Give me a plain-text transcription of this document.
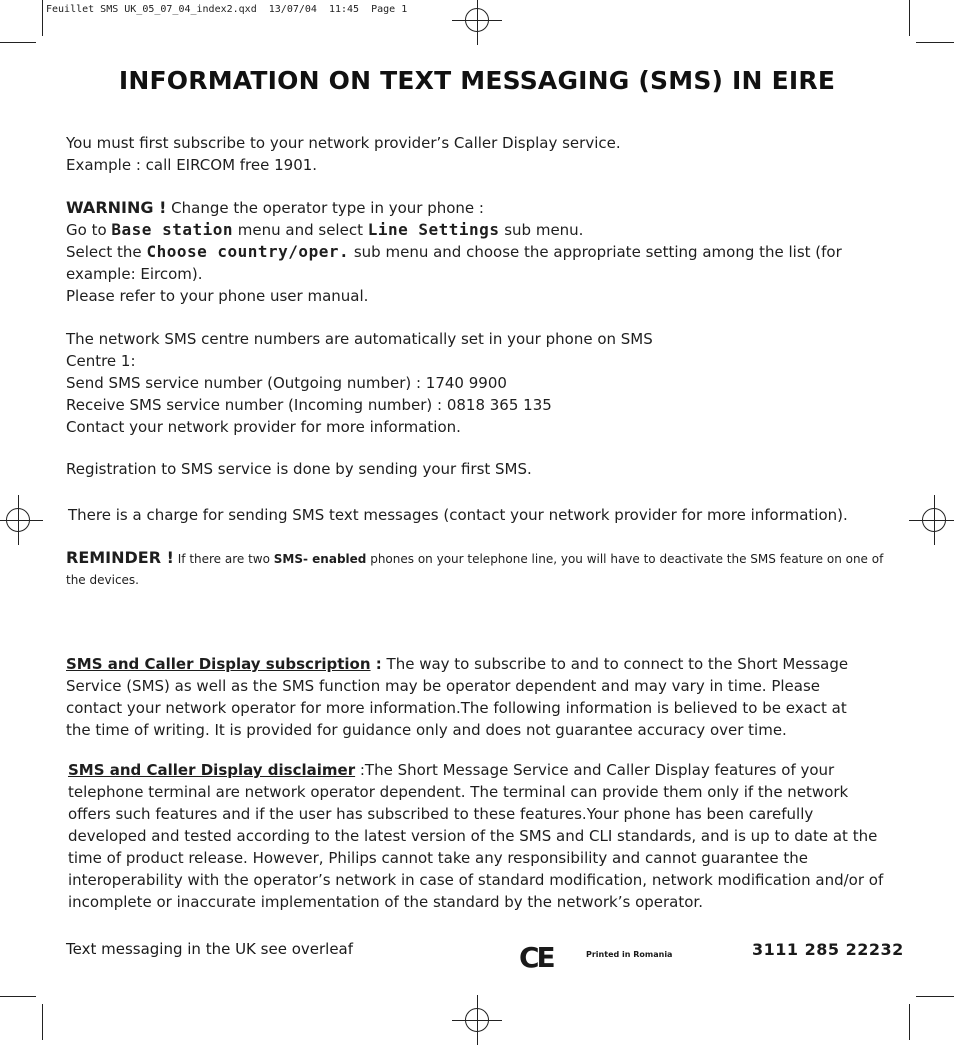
Feuillet SMS UK_05_07_04_index2.qxd  13/07/04  11:45  Page 1
INFORMATION ON TEXT MESSAGING (SMS) IN EIRE

You must first subscribe to your network provider’s Caller Display service.

Example : call EIRCOM free 1901.

WARNING ! Change the operator type in your phone :

Go to Base station menu and select Line Settings sub menu.

Select the Choose country/oper. sub menu and choose the appropriate setting among the list (for example: Eircom).

Please refer to your phone user manual.

The network SMS centre numbers are automatically set in your phone on SMS

Centre 1:

Send SMS service number (Outgoing number) : 1740 9900

Receive SMS service number (Incoming number) : 0818 365 135

Contact your network provider for more information.

Registration to SMS service is done by sending your first SMS.

There is a charge for sending SMS text messages (contact your network provider for more information).

REMINDER ! If there are two SMS- enabled phones on your telephone line, you will have to deactivate the SMS feature on one of the devices.

SMS and Caller Display subscription : The way to subscribe to and to connect to the Short Message Service (SMS) as well as the SMS function may be operator dependent and may vary in time. Please contact your network operator for more information.The following information is believed to be exact at the time of writing. It is provided for guidance only and does not guarantee accuracy over time.

SMS and Caller Display disclaimer :The Short Message Service and Caller Display features of your telephone terminal are network operator dependent. The terminal can provide them only if the network offers such features and if the user has subscribed to these features.Your phone has been carefully developed and tested according to the latest version of the SMS and CLI standards, and is up to date at the time of product release. However, Philips cannot take any responsibility and cannot guarantee the interoperability with the operator’s network in case of standard modification, network modification and/or of incomplete or inaccurate implementation of the standard by the network’s operator.

Text messaging in the UK see overleaf	CE	Printed in Romania	3111 285 22232
